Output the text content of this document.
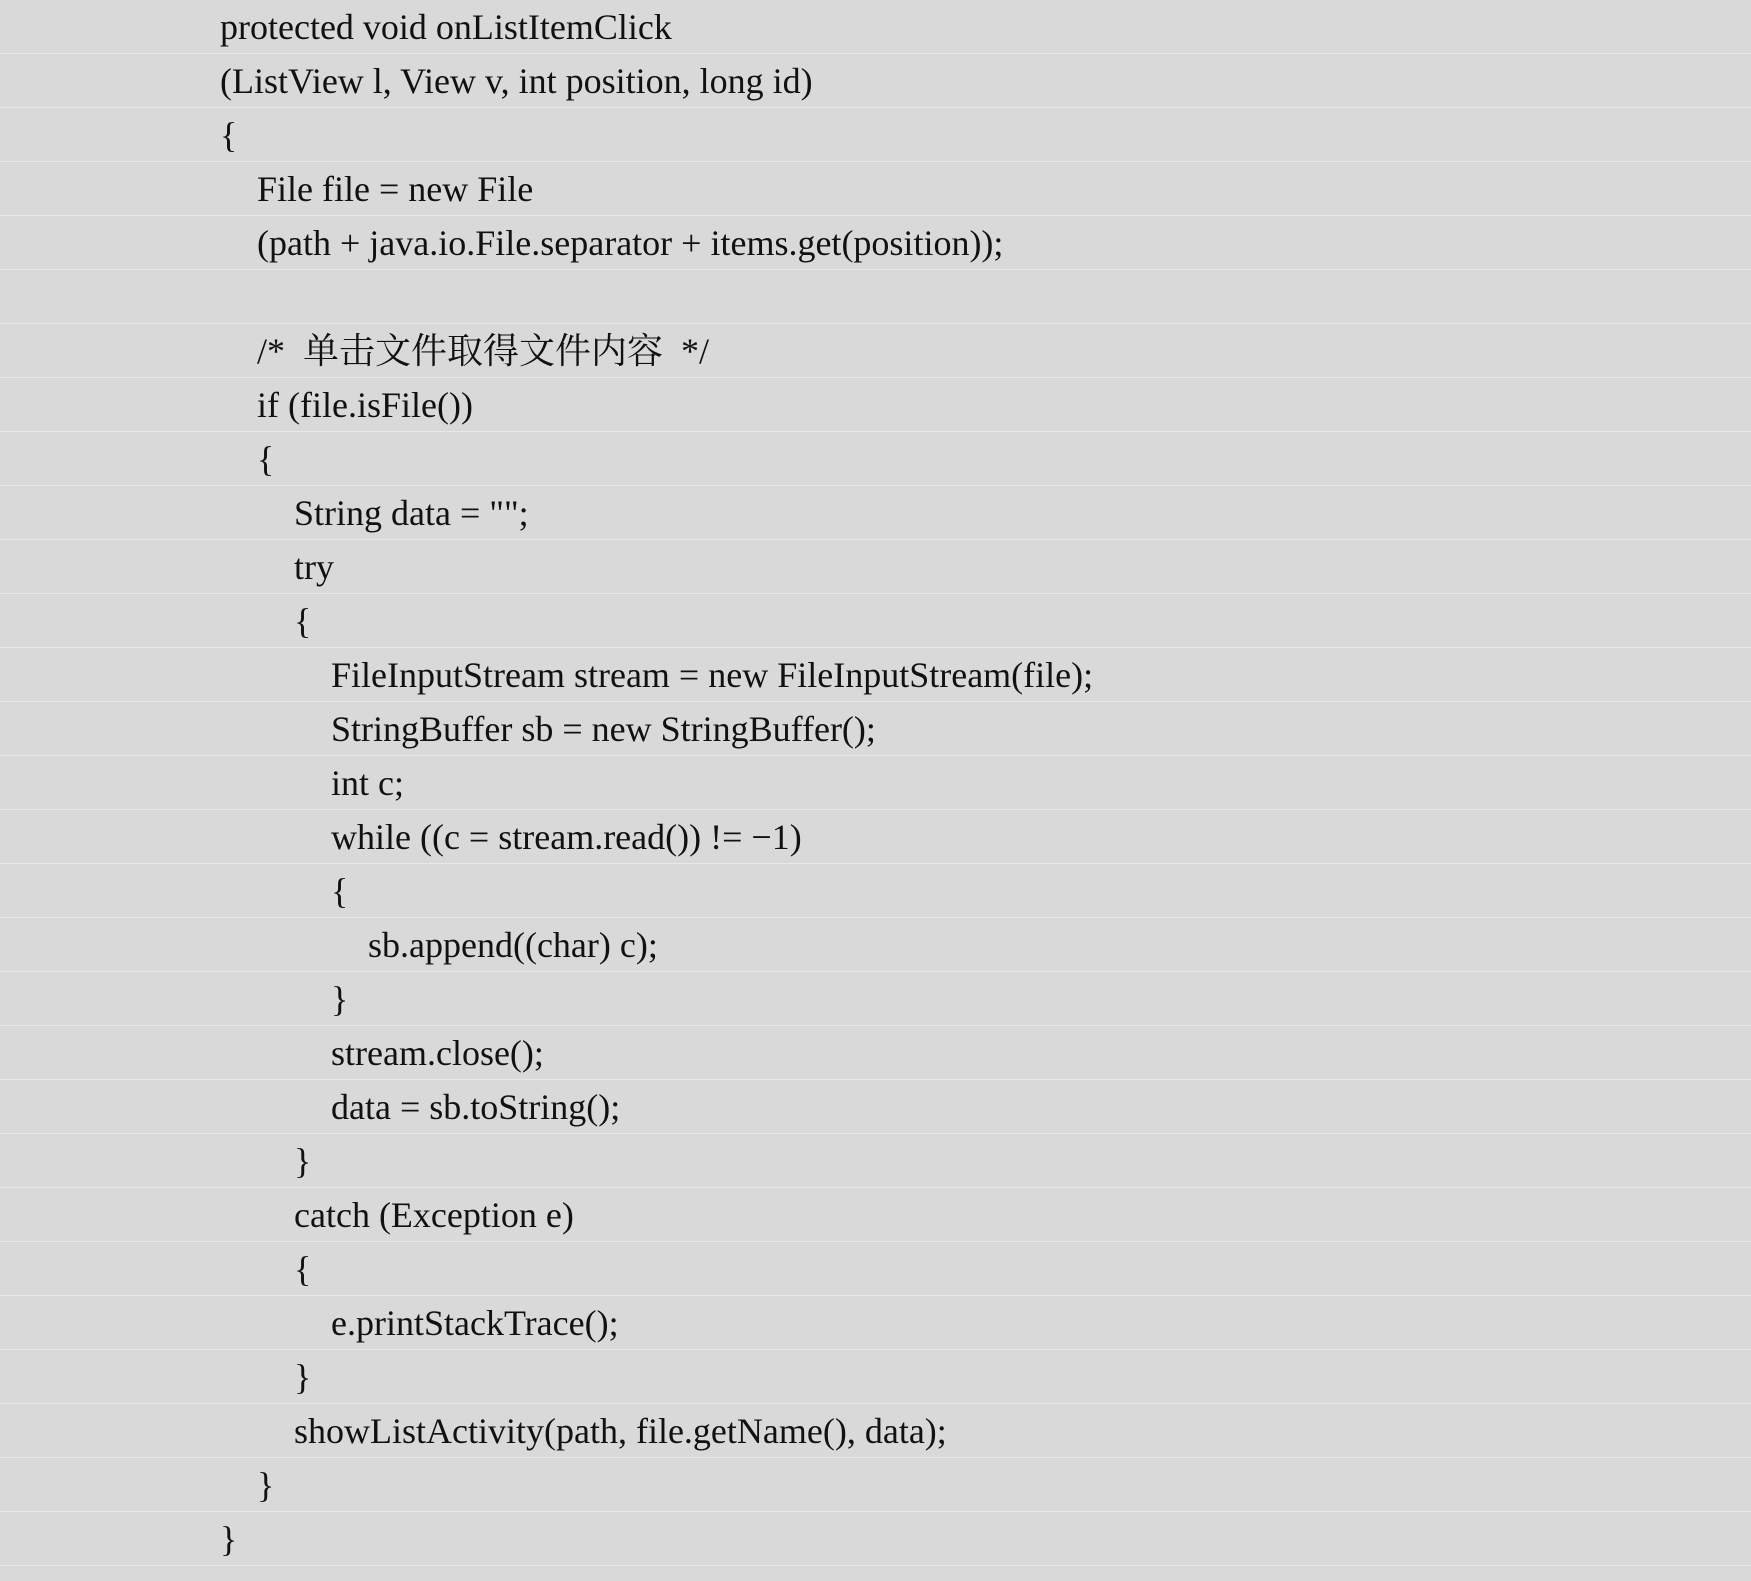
protected void onListItemClick
(ListView l, View v, int position, long id)
{
File file = new File
(path + java.io.File.separator + items.get(position));
/*  单击文件取得文件内容  */
if (file.isFile())
{
String data = "";
try
{
FileInputStream stream = new FileInputStream(file);
StringBuffer sb = new StringBuffer();
int c;
while ((c = stream.read()) != −1)
{
sb.append((char) c);
}
stream.close();
data = sb.toString();
}
catch (Exception e)
{
e.printStackTrace();
}
showListActivity(path, file.getName(), data);
}
}
